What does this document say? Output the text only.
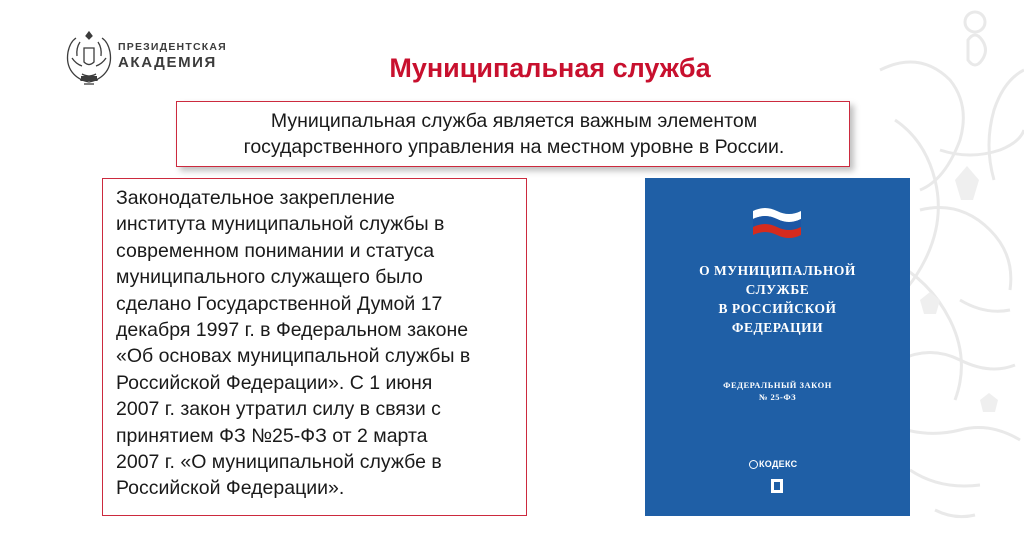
ПРЕЗИДЕНТСКАЯ
АКАДЕМИЯ	Муниципальная служба
Муниципальная служба является важным элементом
государственного управления на местном уровне в России.
Законодательное закрепление
института муниципальной службы в
современном понимании и статуса
муниципального служащего было
сделано Государственной Думой 17
декабря 1997 г. в Федеральном законе
«Об основах муниципальной службы в
Российской Федерации». С 1 июня
2007 г. закон утратил силу в связи с
принятием ФЗ №25-ФЗ от 2 марта
2007 г. «О муниципальной службе в
Российской Федерации».
О МУНИЦИПАЛЬНОЙ
СЛУЖБЕ
В РОССИЙСКОЙ
ФЕДЕРАЦИИ
ФЕДЕРАЛЬНЫЙ ЗАКОН
№ 25-ФЗ
КОДЕКС
